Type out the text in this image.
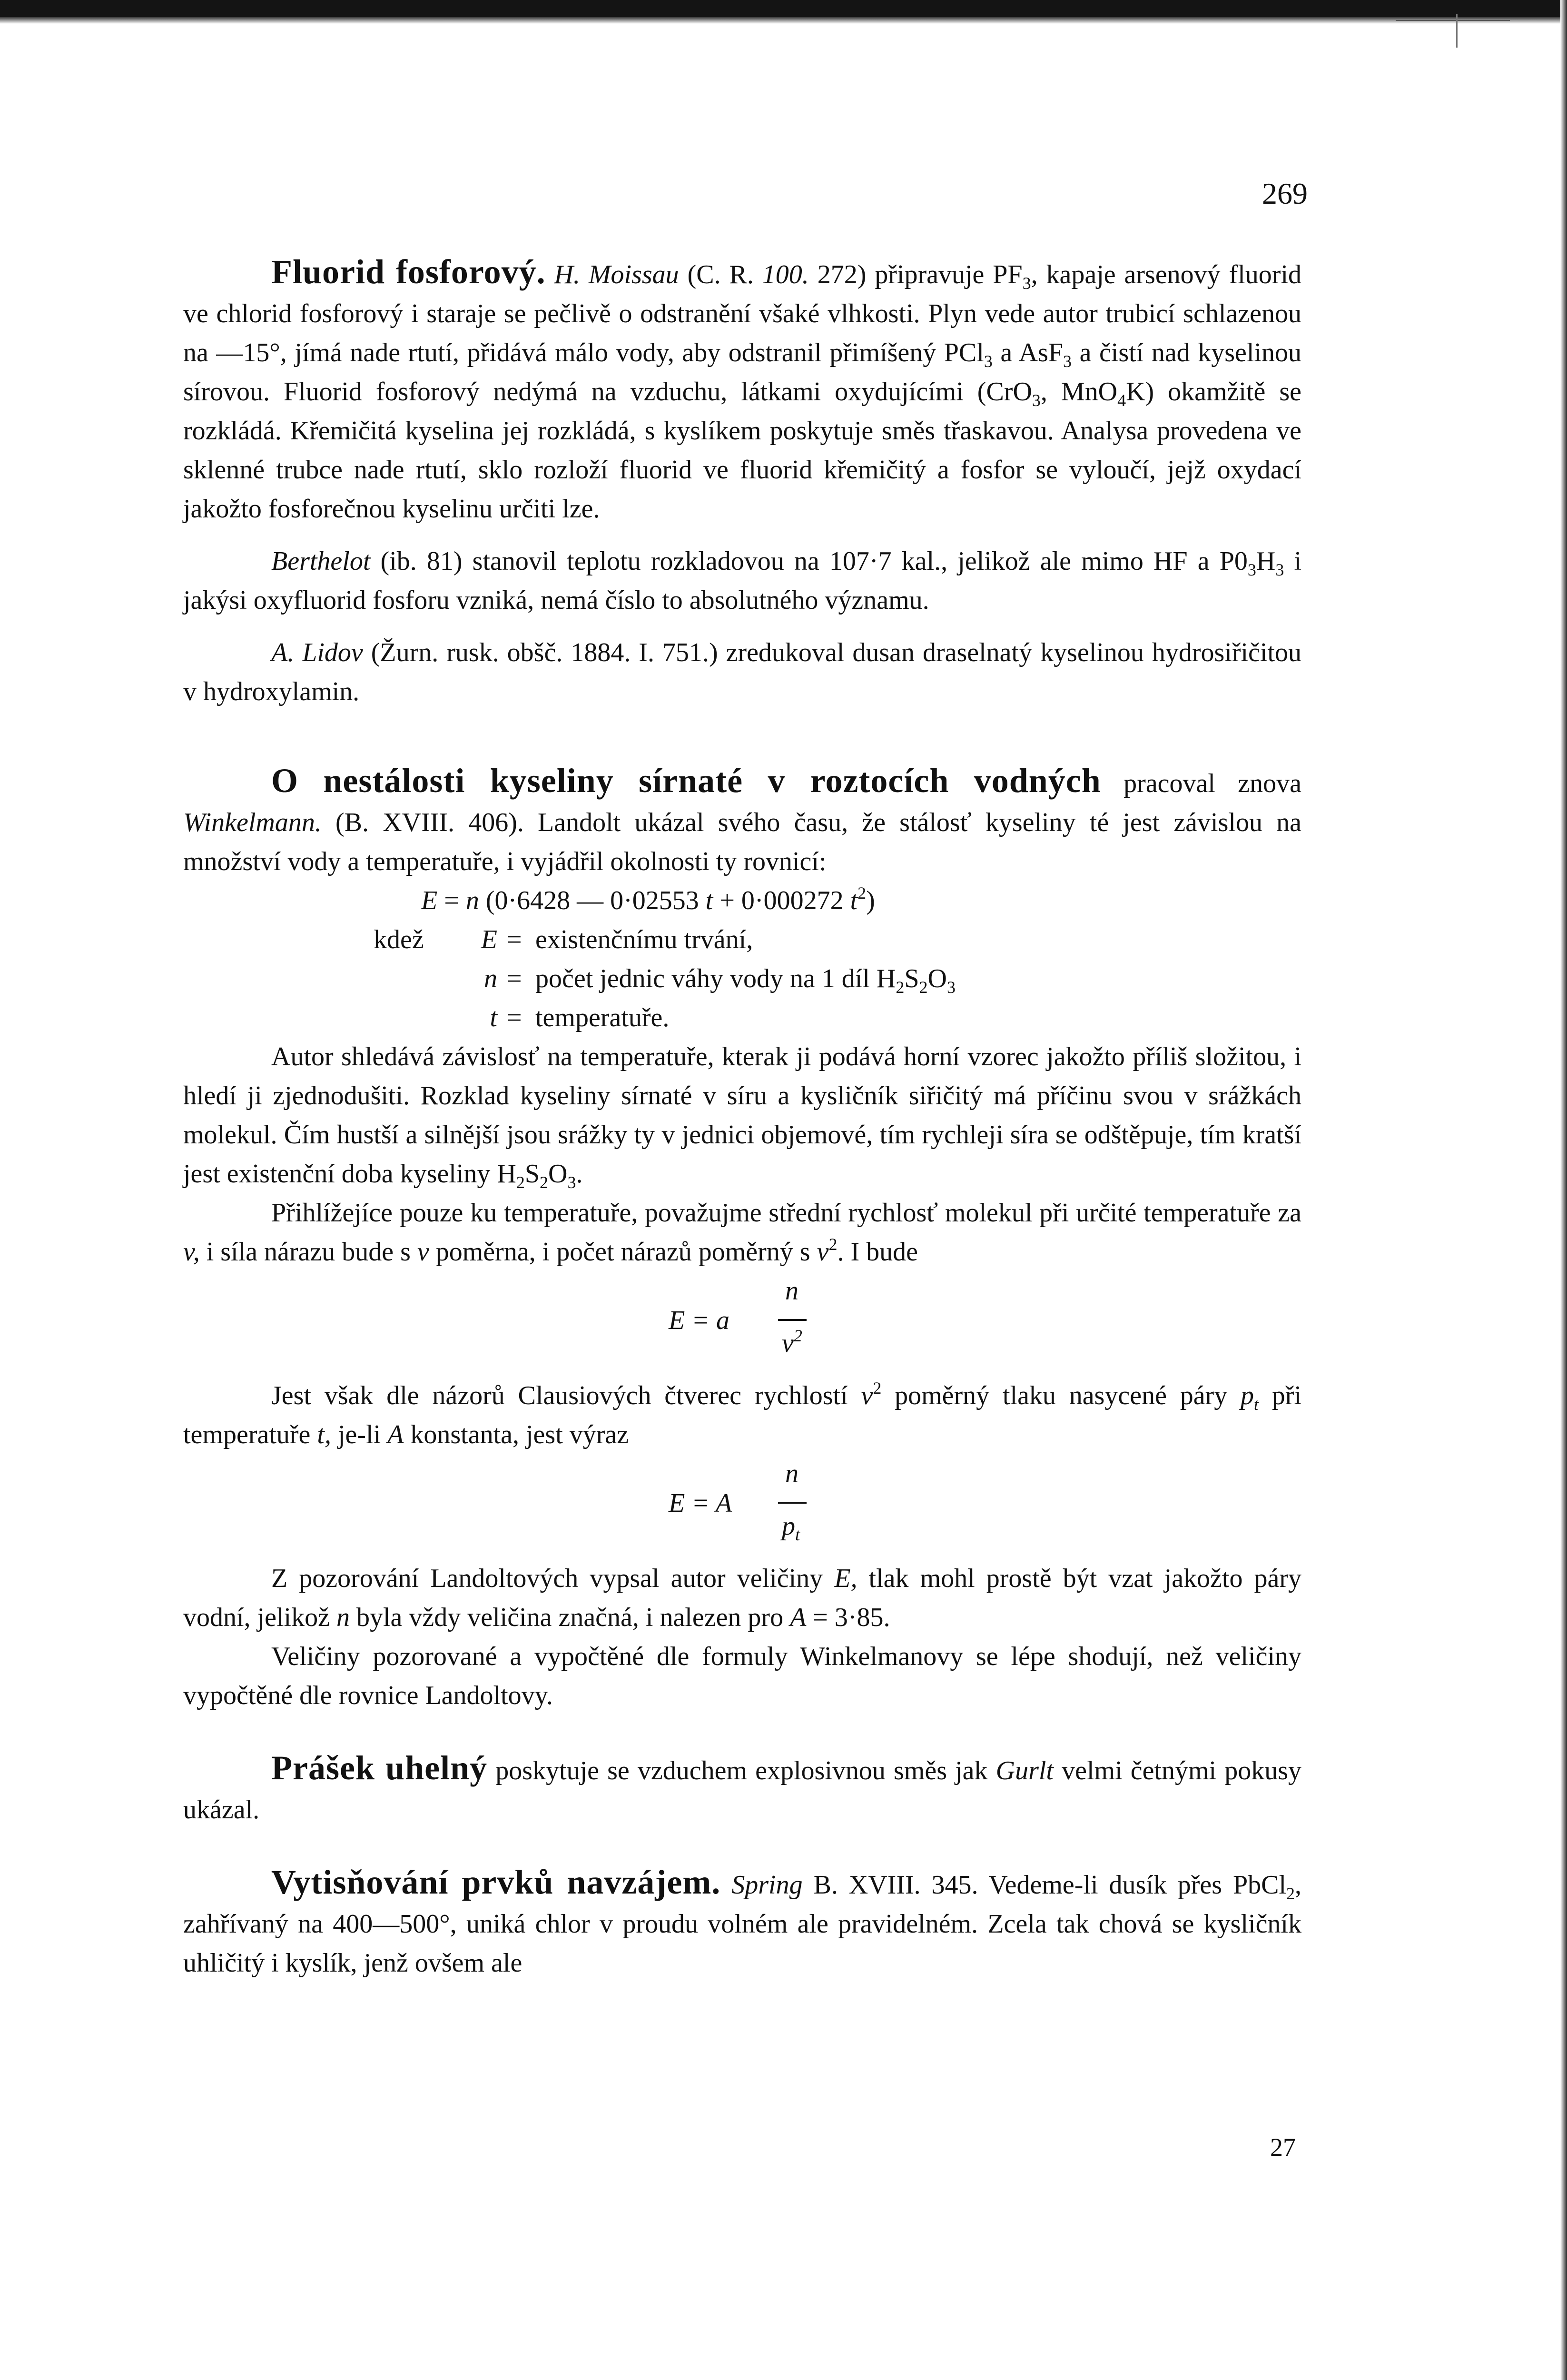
269

Fluorid fosforový. H. Moissau (C. R. 100. 272) připravuje $PF_3$, kapaje arsenový fluorid ve chlorid fosforový i staraje se pečlivě o odstranění všaké vlhkosti. Plyn vede autor trubicí schlazenou na —15°, jímá nade rtutí, přidává málo vody, aby odstranil přimíšený PCl$_3$ a AsF$_3$ a čistí nad kyselinou sírovou. Fluorid fosforový nedýmá na vzduchu, látkami oxydujícími (CrO$_3$, MnO$_4$K) okamžitě se rozkládá. Křemičitá kyselina jej rozkládá, s kyslíkem poskytuje směs třaskavou. Analysa provedena ve sklenné trubce nade rtutí, sklo rozloží fluorid ve fluorid křemičitý a fosfor se vyloučí, jejž oxydací jakožto fosforečnou kyselinu určiti lze.

Berthelot (ib. 81) stanovil teplotu rozkladovou na 107·7 kal., jelikož ale mimo HF a $P0_3H_3$ i jakýsi oxyfluorid fosforu vzniká, nemá číslo to absolutného významu.

A. Lidov (Žurn. rusk. obšč. 1884. I. 751.) zredukoval dusan draselnatý kyselinou hydrosiřičitou v hydroxylamin.

O nestálosti kyseliny sírnaté v roztocích vodných pracoval znova Winkelmann. (B. XVIII. 406). Landolt ukázal svého času, že stálosť kyseliny té jest závislou na množství vody a temperatuře, i vyjádřil okolnosti ty rovnicí:

E = n (0·6428 — 0·02553 t + 0·000272 $t^2$)

kdež	E = existenčnímu trvání,
n = počet jednic váhy vody na 1 díl $H_2S_2O_3$
t = temperatuře.

Autor shledává závislosť na temperatuře, kterak ji podává horní vzorec jakožto příliš složitou, i hledí ji zjednodušiti. Rozklad kyseliny sírnaté v síru a kysličník siřičitý má příčinu svou v srážkách molekul. Čím hustší a silnější jsou srážky ty v jednici objemové, tím rychleji síra se odštěpuje, tím kratší jest existenční doba kyseliny $H_2S_2O_3$.

Přihlížejíce pouze ku temperatuře, považujme střední rychlosť molekul při určité temperatuře za v, i síla nárazu bude s v poměrna, i počet nárazů poměrný s $v^2$. I bude

E = a
n
$v^2$

Jest však dle názorů Clausiových čtverec rychlostí $v^2$ poměrný tlaku nasycené páry $p_t$ při temperatuře t, je-li A konstanta, jest výraz

E = A
n
$p_t$

Z pozorování Landoltových vypsal autor veličiny E, tlak mohl prostě být vzat jakožto páry vodní, jelikož n byla vždy veličina značná, i nalezen pro A = 3·85.

Veličiny pozorované a vypočtěné dle formuly Winkelmanovy se lépe shodují, než veličiny vypočtěné dle rovnice Landoltovy.

Prášek uhelný poskytuje se vzduchem explosivnou směs jak Gurlt velmi četnými pokusy ukázal.

Vytisňování prvků navzájem. Spring B. XVIII. 345. Vedeme-li dusík přes PbCl$_2$, zahřívaný na 400—500°, uniká chlor v proudu volném ale pravidelném. Zcela tak chová se kysličník uhličitý i kyslík, jenž ovšem ale

27
